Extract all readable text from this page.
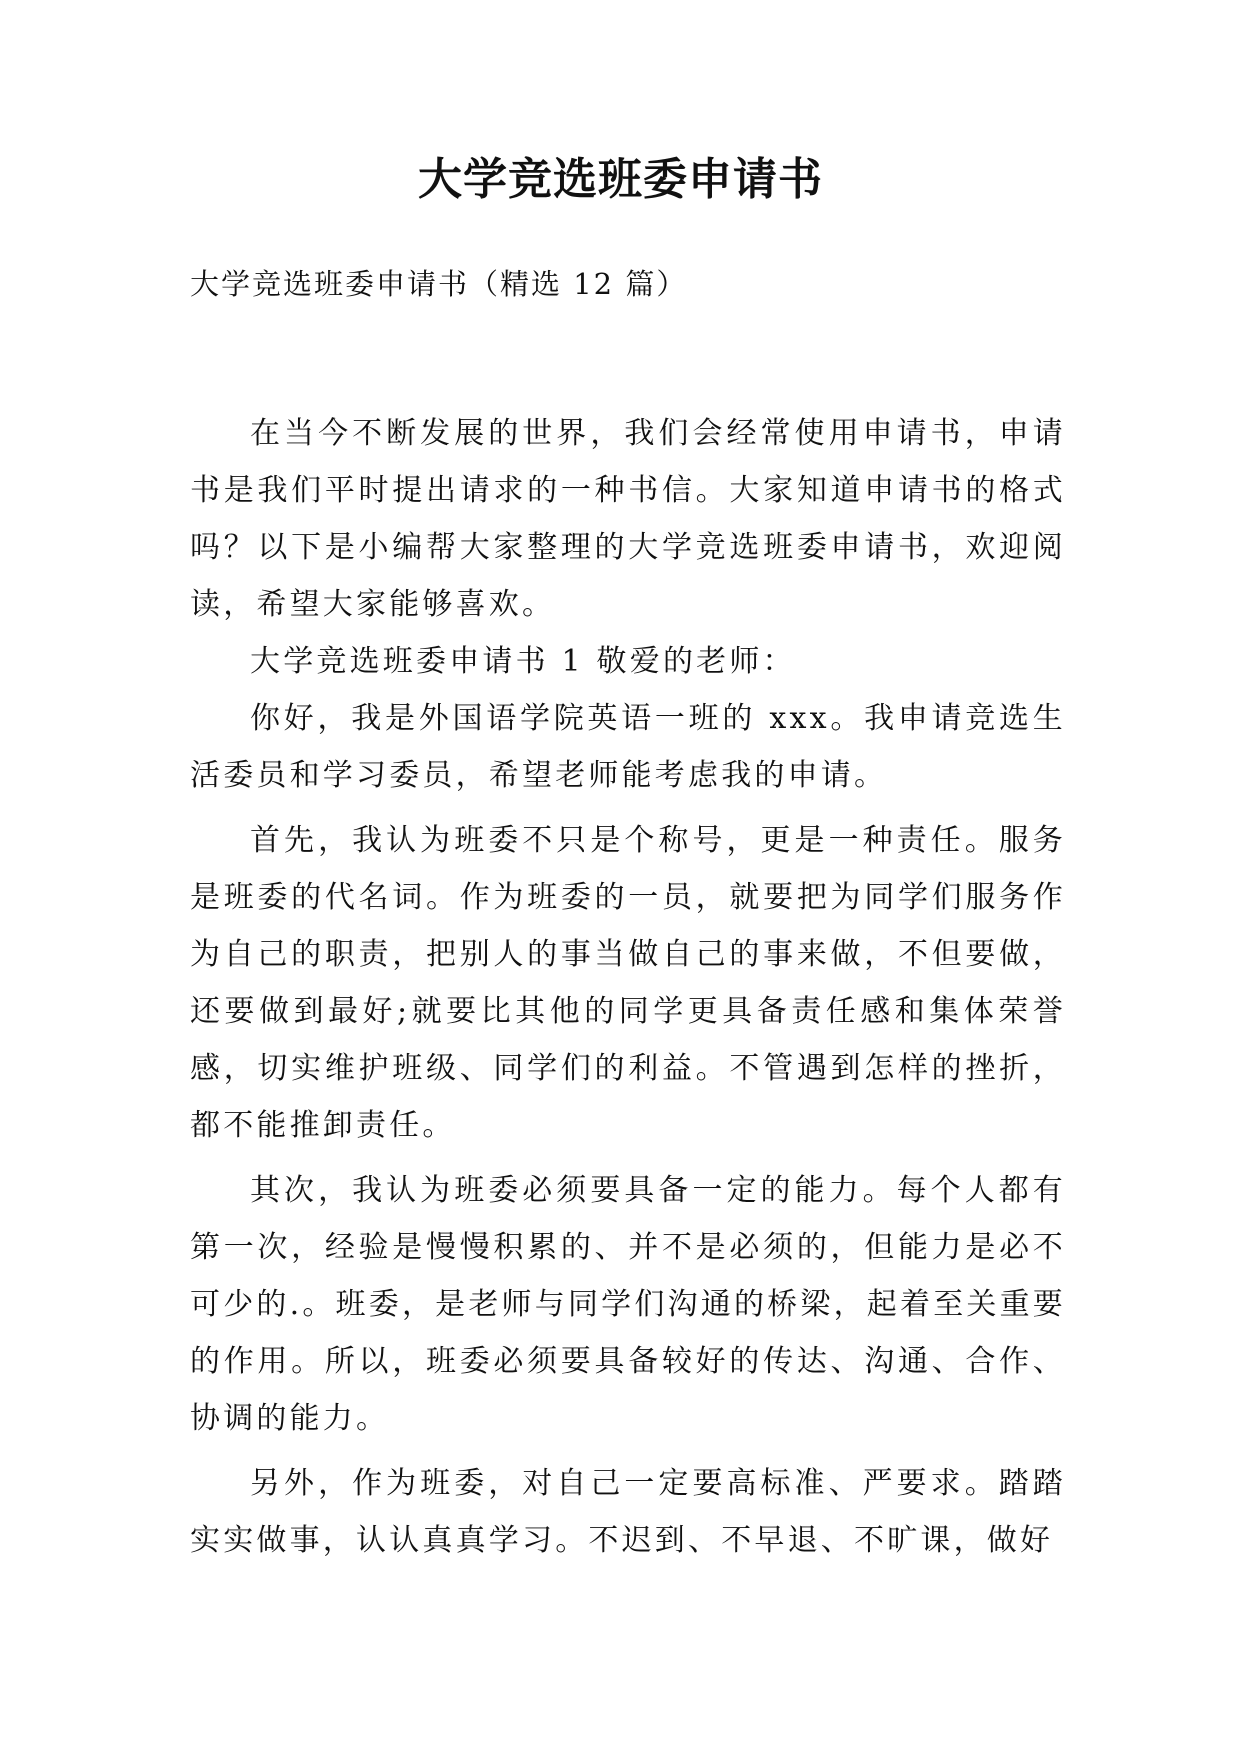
大学竞选班委申请书
大学竞选班委申请书（精选 12 篇）

在当今不断发展的世界，我们会经常使用申请书，申请书是我们平时提出请求的一种书信。大家知道申请书的格式吗？以下是小编帮大家整理的大学竞选班委申请书，欢迎阅读，希望大家能够喜欢。

大学竞选班委申请书 1 敬爱的老师：

你好，我是外国语学院英语一班的 xxx。我申请竞选生活委员和学习委员，希望老师能考虑我的申请。

首先，我认为班委不只是个称号，更是一种责任。服务是班委的代名词。作为班委的一员，就要把为同学们服务作为自己的职责，把别人的事当做自己的事来做，不但要做，还要做到最好;就要比其他的同学更具备责任感和集体荣誉感，切实维护班级、同学们的利益。不管遇到怎样的挫折，都不能推卸责任。

其次，我认为班委必须要具备一定的能力。每个人都有第一次，经验是慢慢积累的、并不是必须的，但能力是必不可少的.。班委，是老师与同学们沟通的桥梁，起着至关重要的作用。所以，班委必须要具备较好的传达、沟通、合作、协调的能力。

另外，作为班委，对自己一定要高标准、严要求。踏踏实实做事，认认真真学习。不迟到、不早退、不旷课，做好
